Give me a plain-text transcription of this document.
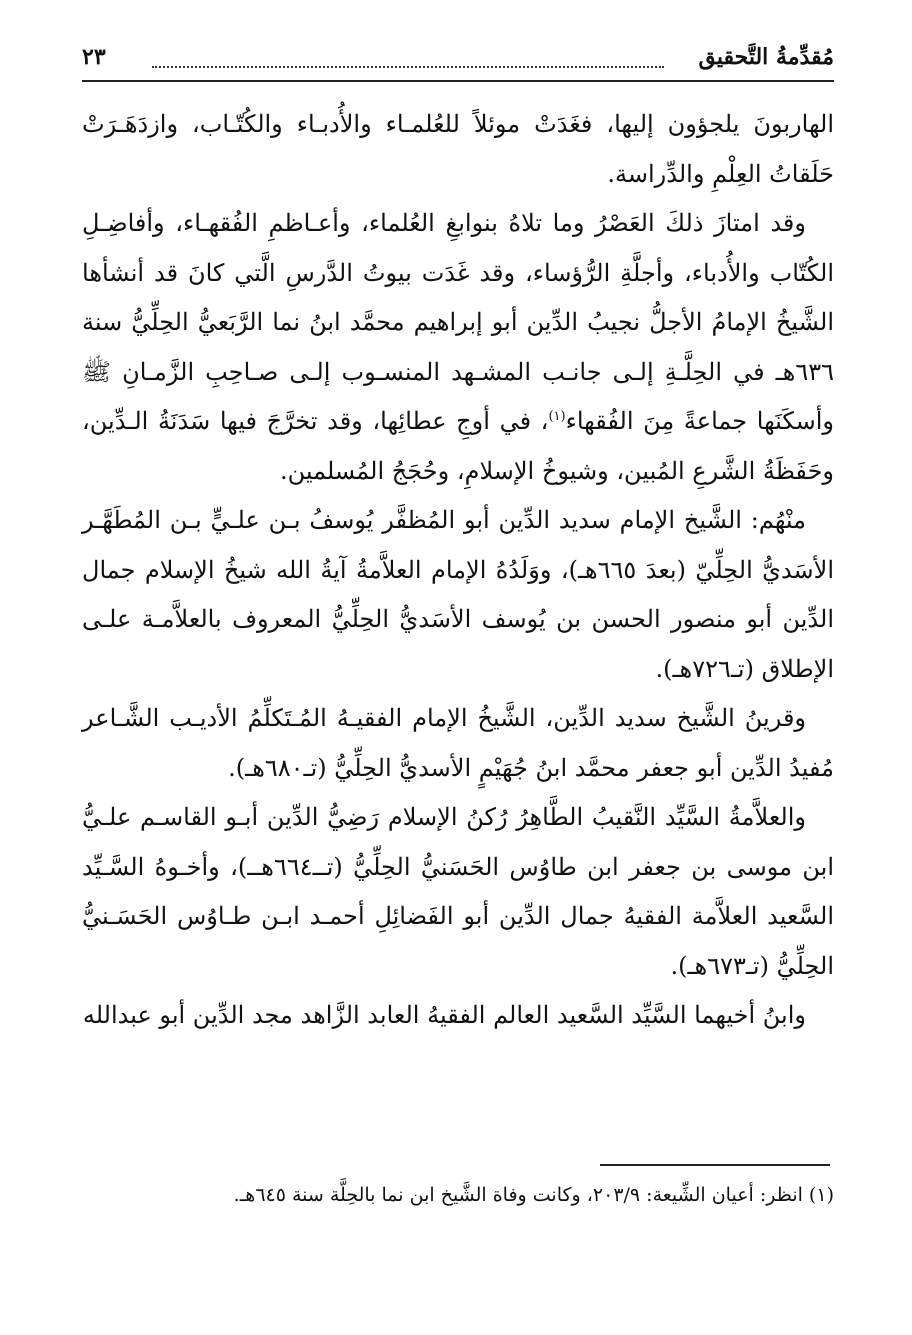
مُقدِّمةُ التَّحقيق
٢٣

الهاربونَ يلجؤون إليها، فغَدَتْ موئلاً للعُلمـاء والأُدبـاء والكُتّـاب، وازدَهَـرَتْ حَلَقاتُ العِلْمِ والدِّراسة.

وقد امتازَ ذلكَ العَصْرُ وما تلاهُ بنوابغِ العُلماء، وأعـاظمِ الفُقهـاء، وأفاضِـلِ الكُتّاب والأُدباء، وأجلَّةِ الرُّؤساء، وقد غَدَت بيوتُ الدَّرسِ الَّتي كانَ قد أنشأها الشَّيخُ الإمامُ الأجلُّ نجيبُ الدِّين أبو إبراهيم محمَّد ابنُ نما الرَّبَعيُّ الحِلِّيُّ سنة ٦٣٦هـ في الحِلَّـةِ إلـى جانـب المشـهد المنسـوب إلـى صـاحِبِ الزَّمـانِ ﷺ وأسكَنَها جماعةً مِنَ الفُقهاء$^{(١)}$، في أوجِ عطائِها، وقد تخرَّجَ فيها سَدَنَةُ الـدِّين، وحَفَظَةُ الشَّرعِ المُبين، وشيوخُ الإسلامِ، وحُجَجُ المُسلمين.

منْهُم: الشَّيخ الإمام سديد الدِّين أبو المُظفَّر يُوسفُ بـن علـيٍّ بـن المُطَهَّـر الأسَديُّ الحِلِّيّ (بعدَ ٦٦٥هـ)، ووَلَدُهُ الإمام العلاَّمةُ آيةُ الله شيخُ الإسلام جمال الدِّين أبو منصور الحسن بن يُوسف الأسَديُّ الحِلِّيُّ المعروف بالعلاَّمـة علـى الإطلاق (تـ٧٢٦هـ).

وقرينُ الشَّيخ سديد الدِّين، الشَّيخُ الإمام الفقيـهُ المُـتَكلِّمُ الأديـب الشَّـاعر مُفيدُ الدِّين أبو جعفر محمَّد ابنُ جُهَيْمٍ الأسديُّ الحِلِّيُّ (تـ٦٨٠هـ).

والعلاَّمةُ السَّيِّد النَّقيبُ الطَّاهِرُ رُكنُ الإسلام رَضِيُّ الدِّين أبـو القاسـم علـيُّ ابن موسى بن جعفر ابن طاوُس الحَسَنيُّ الحِلِّيُّ (تــ٦٦٤هــ)، وأخـوهُ السَّـيِّد السَّعيد العلاَّمة الفقيهُ جمال الدِّين أبو الفَضائِلِ أحمـد ابـن طـاوُس الحَسَـنيُّ الحِلِّيُّ (تـ٦٧٣هـ).

وابنُ أخيهما السَّيِّد السَّعيد العالم الفقيهُ العابد الزَّاهد مجد الدِّين أبو عبدالله

(١) انظر: أعيان الشِّيعة: ٢٠٣/٩، وكانت وفاة الشَّيخ ابن نما بالحِلَّة سنة ٦٤٥هـ.
